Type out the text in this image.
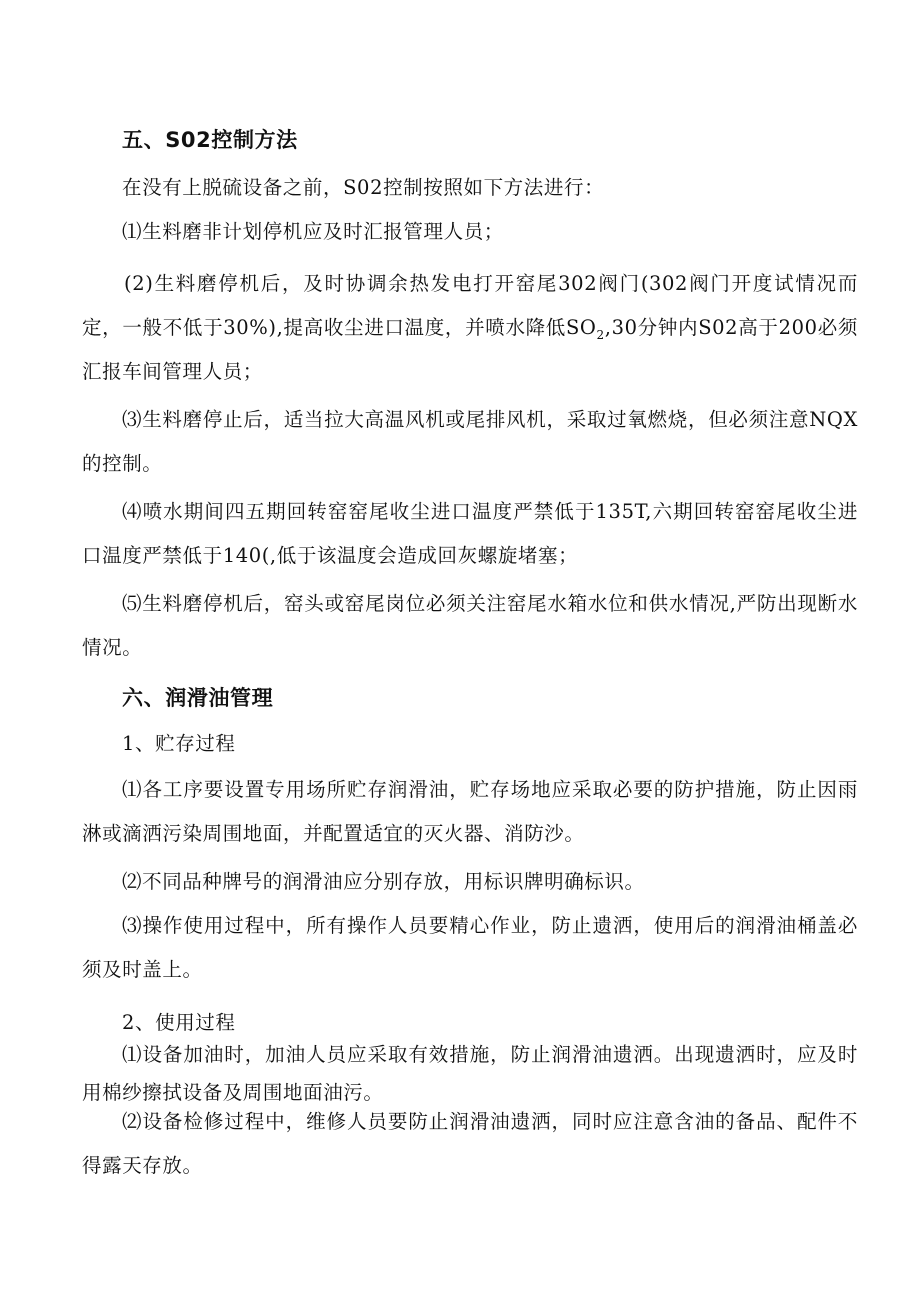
五、S02控制方法

在没有上脱硫设备之前，S02控制按照如下方法进行：

⑴生料磨非计划停机应及时汇报管理人员；

(2)生料磨停机后，及时协调余热发电打开窑尾302阀门(302阀门开度试情况而定，一般不低于30%),提高收尘进口温度，并喷水降低$SO_2,30$分钟内S02高于200必须汇报车间管理人员；

⑶生料磨停止后，适当拉大高温风机或尾排风机，采取过氧燃烧，但必须注意NQX的控制。

⑷喷水期间四五期回转窑窑尾收尘进口温度严禁低于135T,六期回转窑窑尾收尘进口温度严禁低于140(,低于该温度会造成回灰螺旋堵塞；

⑸生料磨停机后，窑头或窑尾岗位必须关注窑尾水箱水位和供水情况,严防出现断水情况。

六、润滑油管理

1、贮存过程

⑴各工序要设置专用场所贮存润滑油，贮存场地应采取必要的防护措施，防止因雨淋或滴洒污染周围地面，并配置适宜的灭火器、消防沙。

⑵不同品种牌号的润滑油应分别存放，用标识牌明确标识。

⑶操作使用过程中，所有操作人员要精心作业，防止遗洒，使用后的润滑油桶盖必须及时盖上。

2、使用过程

⑴设备加油时，加油人员应采取有效措施，防止润滑油遗洒。出现遗洒时，应及时用棉纱擦拭设备及周围地面油污。

⑵设备检修过程中，维修人员要防止润滑油遗洒，同时应注意含油的备品、配件不得露天存放。
